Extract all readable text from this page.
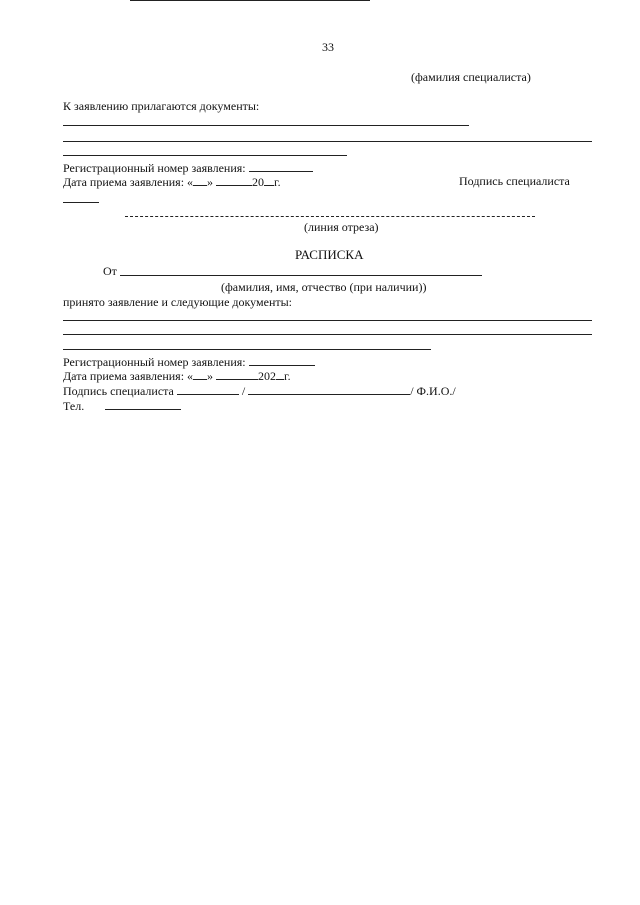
33
(фамилия специалиста)
К заявлению прилагаются документы:
Регистрационный номер заявления:
Дата приема заявления: « »	20 г.	Подпись специалиста
(линия отреза)
РАСПИСКА
От
(фамилия, имя, отчество (при наличии))
принято заявление и следующие документы:
Регистрационный номер заявления:
Дата приема заявления: « »	202 г.
Подпись специалиста	/	/ Ф.И.О./
Тел.
